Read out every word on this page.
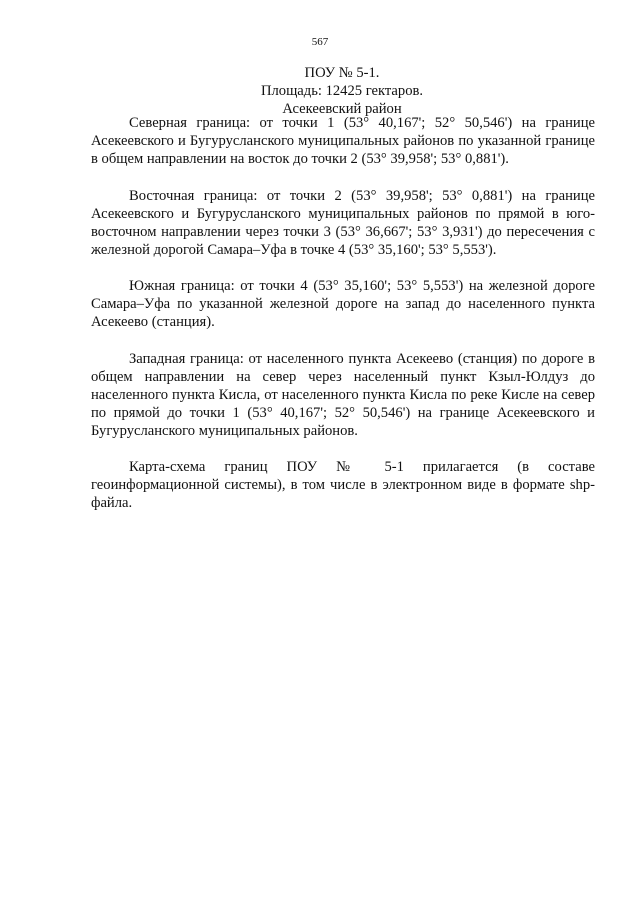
567
ПОУ № 5-1.
Площадь: 12425 гектаров.
Асекеевский район

Северная граница: от точки 1 (53° 40,167'; 52° 50,546') на границе Асекеевского и Бугурусланского муниципальных районов по указанной границе в общем направлении на восток до точки 2 (53° 39,958'; 53° 0,881').

Восточная граница: от точки 2 (53° 39,958'; 53° 0,881') на границе Асекеевского и Бугурусланского муниципальных районов по прямой в юго-восточном направлении через точки 3 (53° 36,667'; 53° 3,931') до пересечения с железной дорогой Самара–Уфа в точке 4 (53° 35,160'; 53° 5,553').

Южная граница: от точки 4 (53° 35,160'; 53° 5,553') на железной дороге Самара–Уфа по указанной железной дороге на запад до населенного пункта Асекеево (станция).

Западная граница: от населенного пункта Асекеево (станция) по дороге в общем направлении на север через населенный пункт Кзыл-Юлдуз до населенного пункта Кисла, от населенного пункта Кисла по реке Кисле на север по прямой до точки 1 (53° 40,167'; 52° 50,546') на границе Асекеевского и Бугурусланского муниципальных районов.

Карта-схема границ ПОУ № 5-1 прилагается (в составе геоинформационной системы), в том числе в электронном виде в формате shp-файла.
